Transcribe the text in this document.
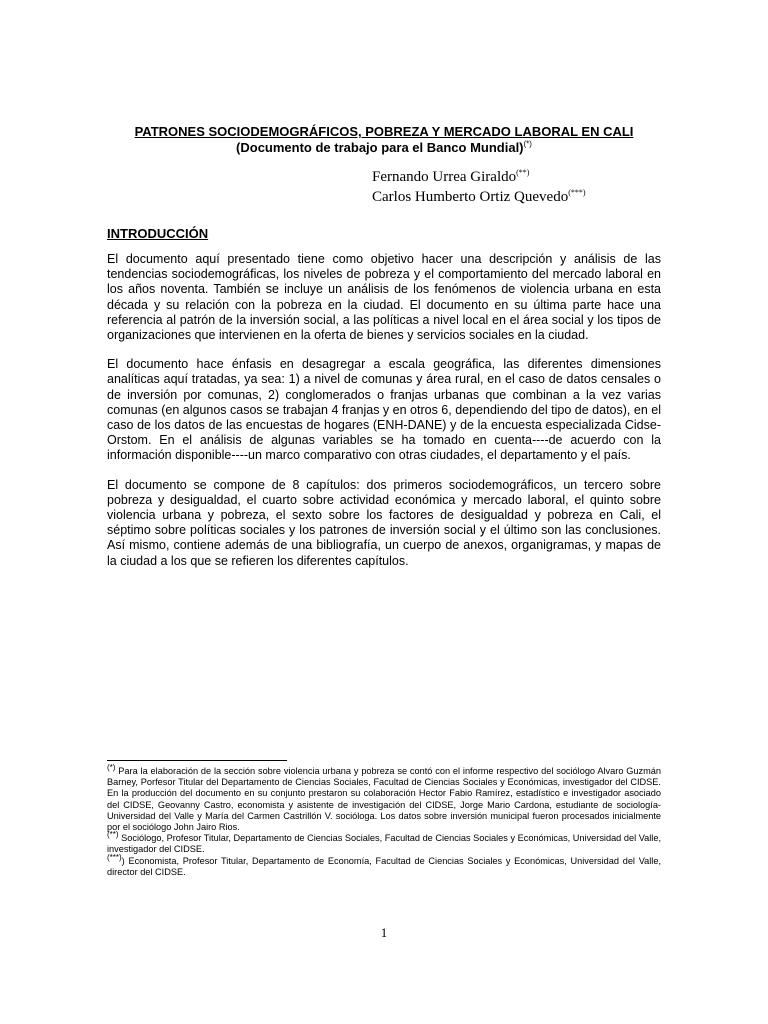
PATRONES SOCIODEMOGRÁFICOS, POBREZA Y MERCADO LABORAL EN CALI
(Documento de trabajo para el Banco Mundial)(*)
Fernando Urrea Giraldo(**)
Carlos Humberto Ortiz Quevedo(***)
INTRODUCCIÓN

El documento aquí presentado tiene como objetivo hacer una descripción y análisis de las tendencias sociodemográficas, los niveles de pobreza y el comportamiento del mercado laboral en los años noventa. También se incluye un análisis de los fenómenos de violencia urbana en esta década y su relación con la pobreza en la ciudad. El documento en su última parte hace una referencia al patrón de la inversión social, a las políticas a nivel local en el área social y los tipos de organizaciones que intervienen en la oferta de bienes y servicios sociales en la ciudad.

El documento hace énfasis en desagregar a escala geográfica, las diferentes dimensiones analíticas aquí tratadas, ya sea: 1) a nivel de comunas y área rural, en el caso de datos censales o de inversión por comunas, 2) conglomerados o franjas urbanas que combinan a la vez varias comunas (en algunos casos se trabajan 4 franjas y en otros 6, dependiendo del tipo de datos), en el caso de los datos de las encuestas de hogares (ENH-DANE) y de la encuesta especializada Cidse-Orstom. En el análisis de algunas variables se ha tomado en cuenta----de acuerdo con la información disponible----un marco comparativo con otras ciudades, el departamento y el país.

El documento se compone de 8 capítulos: dos primeros sociodemográficos, un tercero sobre pobreza y desigualdad, el cuarto sobre actividad económica y mercado laboral, el quinto sobre violencia urbana y pobreza, el sexto sobre los factores de desigualdad y pobreza en Cali, el séptimo sobre políticas sociales y los patrones de inversión social y el último son las conclusiones. Así mismo, contiene además de una bibliografía, un cuerpo de anexos, organigramas, y mapas de la ciudad a los que se refieren los diferentes capítulos.

(*) Para la elaboración de la sección sobre violencia urbana y pobreza se contó con el informe respectivo del sociólogo Alvaro Guzmán Barney, Porfesor Titular del Departamento de Ciencias Sociales, Facultad de Ciencias Sociales y Económicas, investigador del CIDSE. En la producción del documento en su conjunto prestaron su colaboración Hector Fabio Ramírez, estadístico e investigador asociado del CIDSE, Geovanny Castro, economista y asistente de investigación del CIDSE, Jorge Mario Cardona, estudiante de sociología-Universidad del Valle y María del Carmen Castrillón V. socióloga. Los datos sobre inversión municipal fueron procesados inicialmente por el sociólogo John Jairo Rios.

(**) Sociólogo, Profesor Titular, Departamento de Ciencias Sociales, Facultad de Ciencias Sociales y Económicas, Universidad del Valle, investigador del CIDSE.

(***)) Economista, Profesor Titular, Departamento de Economía, Facultad de Ciencias Sociales y Económicas, Universidad del Valle, director del CIDSE.

1
